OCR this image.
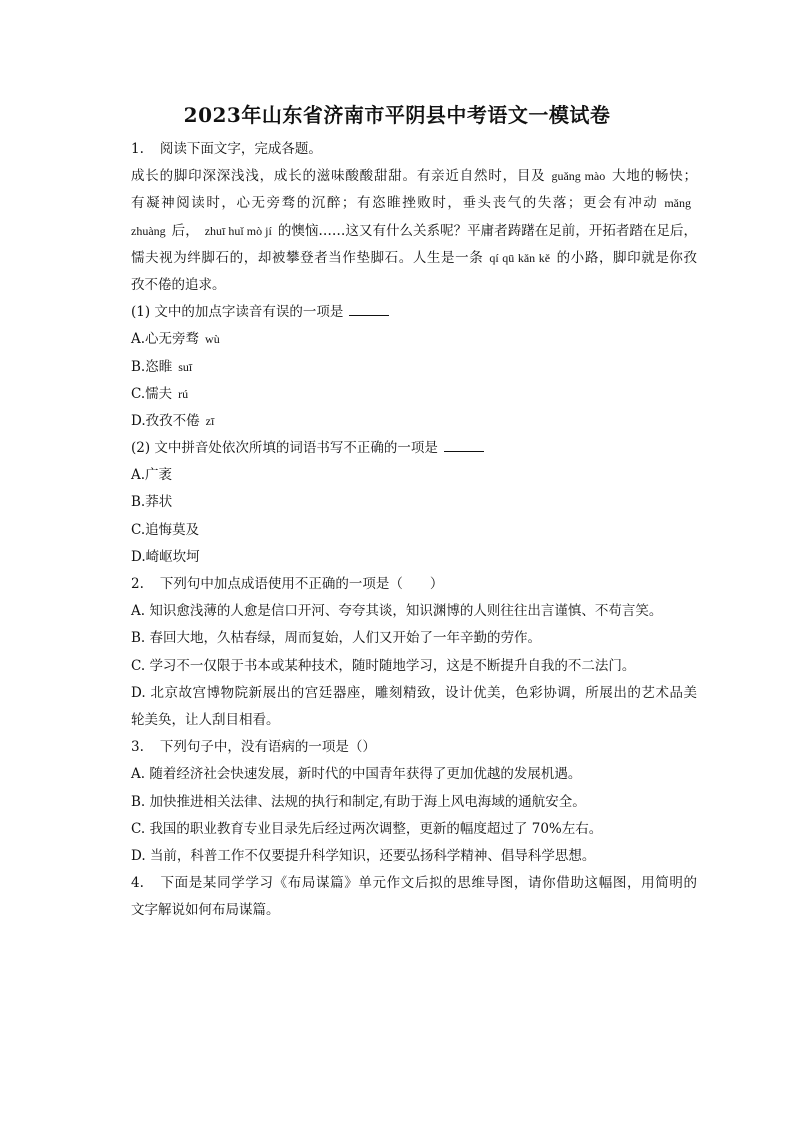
2023年山东省济南市平阴县中考语文一模试卷
1. 阅读下面文字，完成各题。
成长的脚印深深浅浅，成长的滋味酸酸甜甜。有亲近自然时，目及 guǎng mào 大地的畅快；
有凝神阅读时，心无旁骛的沉醉；有恣睢挫败时，垂头丧气的失落；更会有冲动 mǎng
zhuàng 后， zhuī huǐ mò jí 的懊恼……这又有什么关系呢？平庸者踌躇在足前，开拓者踏在足后，
懦夫视为绊脚石的，却被攀登者当作垫脚石。人生是一条 qí qū kǎn kě 的小路，脚印就是你孜
孜不倦的追求。
(1) 文中的加点字读音有误的一项是
A.心无旁骛 wù
B.恣睢 suī
C.懦夫 rú
D.孜孜不倦 zī
(2) 文中拼音处依次所填的词语书写不正确的一项是
A.广袤
B.莽状
C.追悔莫及
D.崎岖坎坷
2. 下列句中加点成语使用不正确的一项是（　　）
A. 知识愈浅薄的人愈是信口开河、夸夸其谈，知识渊博的人则往往出言谨慎、不苟言笑。
B. 春回大地，久枯春绿，周而复始，人们又开始了一年辛勤的劳作。
C. 学习不一仅限于书本或某种技术，随时随地学习，这是不断提升自我的不二法门。
D. 北京故宫博物院新展出的宫廷器座，雕刻精致，设计优美，色彩协调，所展出的艺术品美
轮美奂，让人刮目相看。
3. 下列句子中，没有语病的一项是（）
A. 随着经济社会快速发展，新时代的中国青年获得了更加优越的发展机遇。
B. 加快推进相关法律、法规的执行和制定,有助于海上风电海域的通航安全。
C. 我国的职业教育专业目录先后经过两次调整，更新的幅度超过了 70%左右。
D. 当前，科普工作不仅要提升科学知识，还要弘扬科学精神、倡导科学思想。
4. 下面是某同学学习《布局谋篇》单元作文后拟的思维导图，请你借助这幅图，用简明的
文字解说如何布局谋篇。
